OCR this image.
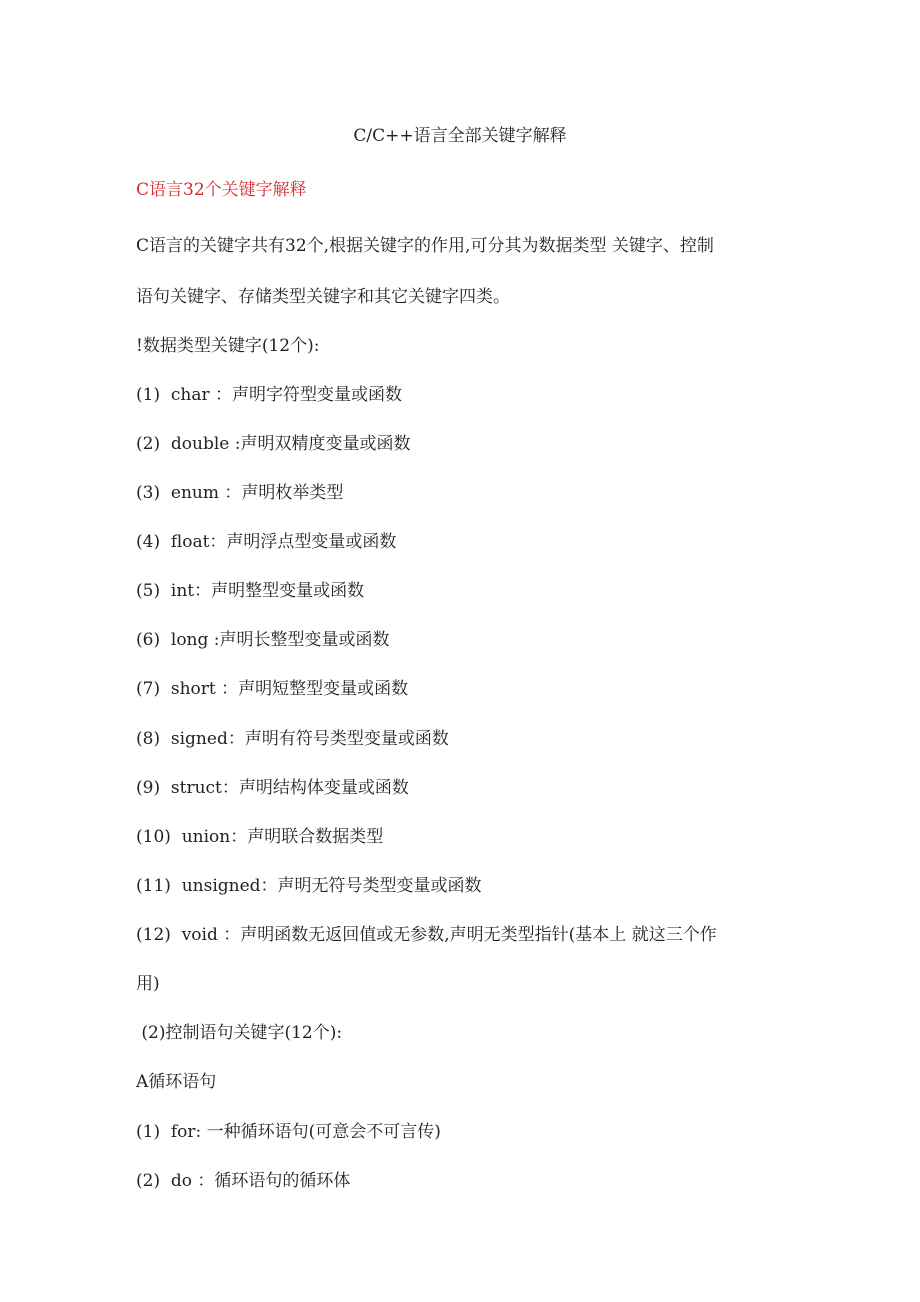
C/C++语言全部关键字解释
C语言32个关键字解释
C语言的关键字共有32个,根据关键字的作用,可分其为数据类型 关键字、控制
语句关键字、存储类型关键字和其它关键字四类。
!数据类型关键字(12个):
(1)  char ：声明字符型变量或函数
(2)  double :声明双精度变量或函数
(3)  enum ：声明枚举类型
(4)  float：声明浮点型变量或函数
(5)  int：声明整型变量或函数
(6)  long :声明长整型变量或函数
(7)  short ：声明短整型变量或函数
(8)  signed：声明有符号类型变量或函数
(9)  struct：声明结构体变量或函数
(10)  union：声明联合数据类型
(11)  unsigned：声明无符号类型变量或函数
(12)  void ：声明函数无返回值或无参数,声明无类型指针(基本上 就这三个作
用)
(2)控制语句关键字(12个):
A循环语句
(1)  for: 一种循环语句(可意会不可言传)
(2)  do ：循环语句的循环体
